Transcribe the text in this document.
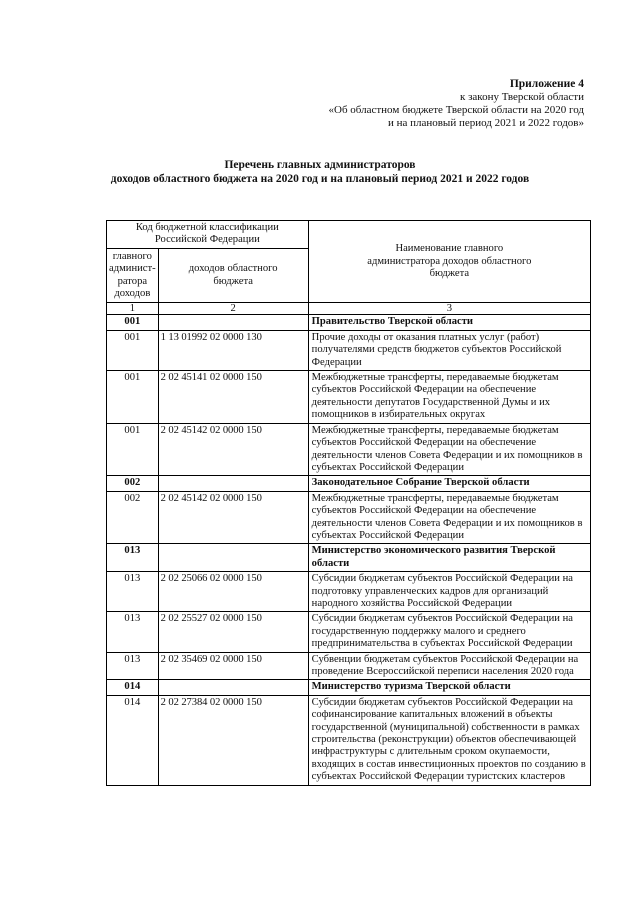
Приложение 4
к закону Тверской области
«Об областном бюджете Тверской области на 2020 год
и на плановый период 2021 и 2022 годов»
Перечень главных администраторов
доходов областного бюджета на 2020 год и на плановый период 2021 и 2022 годов
Код бюджетной классификации Российской Федерации		Наименование главного администратора доходов областного бюджета

главного админист-ратора доходов	доходов областного бюджета	
1	2	3
001		Правительство Тверской области
001	1 13 01992 02 0000 130	Прочие доходы от оказания платных услуг (работ) получателями средств бюджетов субъектов Российской Федерации
001	2 02 45141 02 0000 150	Межбюджетные трансферты, передаваемые бюджетам субъектов Российской Федерации на обеспечение деятельности депутатов Государственной Думы и их помощников в избирательных округах
001	2 02 45142 02 0000 150	Межбюджетные трансферты, передаваемые бюджетам субъектов Российской Федерации на обеспечение деятельности членов Совета Федерации и их помощников в субъектах Российской Федерации
002		Законодательное Собрание Тверской области
002	2 02 45142 02 0000 150	Межбюджетные трансферты, передаваемые бюджетам субъектов Российской Федерации на обеспечение деятельности членов Совета Федерации и их помощников в субъектах Российской Федерации
013		Министерство экономического развития Тверской области
013	2 02 25066 02 0000 150	Субсидии бюджетам субъектов Российской Федерации на подготовку управленческих кадров для организаций народного хозяйства Российской Федерации
013	2 02 25527 02 0000 150	Субсидии бюджетам субъектов Российской Федерации на государственную поддержку малого и среднего предпринимательства в субъектах Российской Федерации
013	2 02 35469 02 0000 150	Субвенции бюджетам субъектов Российской Федерации на проведение Всероссийской переписи населения 2020 года
014		Министерство туризма Тверской области
014	2 02 27384 02 0000 150	Субсидии бюджетам субъектов Российской Федерации на софинансирование капитальных вложений в объекты государственной (муниципальной) собственности в рамках строительства (реконструкции) объектов обеспечивающей инфраструктуры с длительным сроком окупаемости, входящих в состав инвестиционных проектов по созданию в субъектах Российской Федерации туристских кластеров
